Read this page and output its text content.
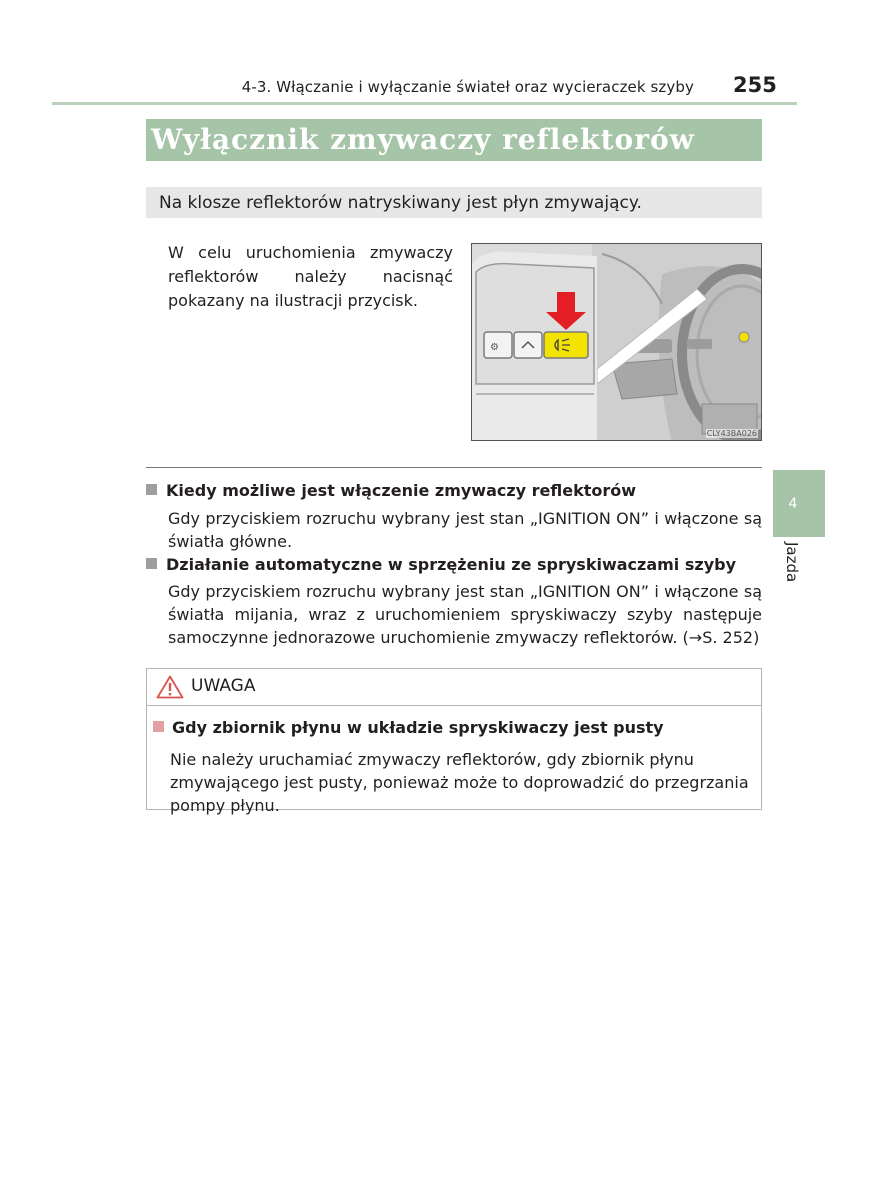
4-3. Włączanie i wyłączanie świateł oraz wycieraczek szyby 255
Wyłącznik zmywaczy reflektorów
Na klosze reflektorów natryskiwany jest płyn zmywający.
W celu uruchomienia zmywaczy reflektorów należy nacisnąć pokazany na ilustracji przycisk.
⚙
CLY43BA026
4
Jazda
Kiedy możliwe jest włączenie zmywaczy reflektorów
Gdy przyciskiem rozruchu wybrany jest stan „IGNITION ON” i włączone są światła główne.
Działanie automatyczne w sprzężeniu ze spryskiwaczami szyby
Gdy przyciskiem rozruchu wybrany jest stan „IGNITION ON” i włączone są światła mijania, wraz z uruchomieniem spryskiwaczy szyby następuje samoczynne jednorazowe uruchomienie zmywaczy reflektorów. (→S. 252)
UWAGA
Gdy zbiornik płynu w układzie spryskiwaczy jest pusty
Nie należy uruchamiać zmywaczy reflektorów, gdy zbiornik płynu zmywającego jest pusty, ponieważ może to doprowadzić do przegrzania pompy płynu.
